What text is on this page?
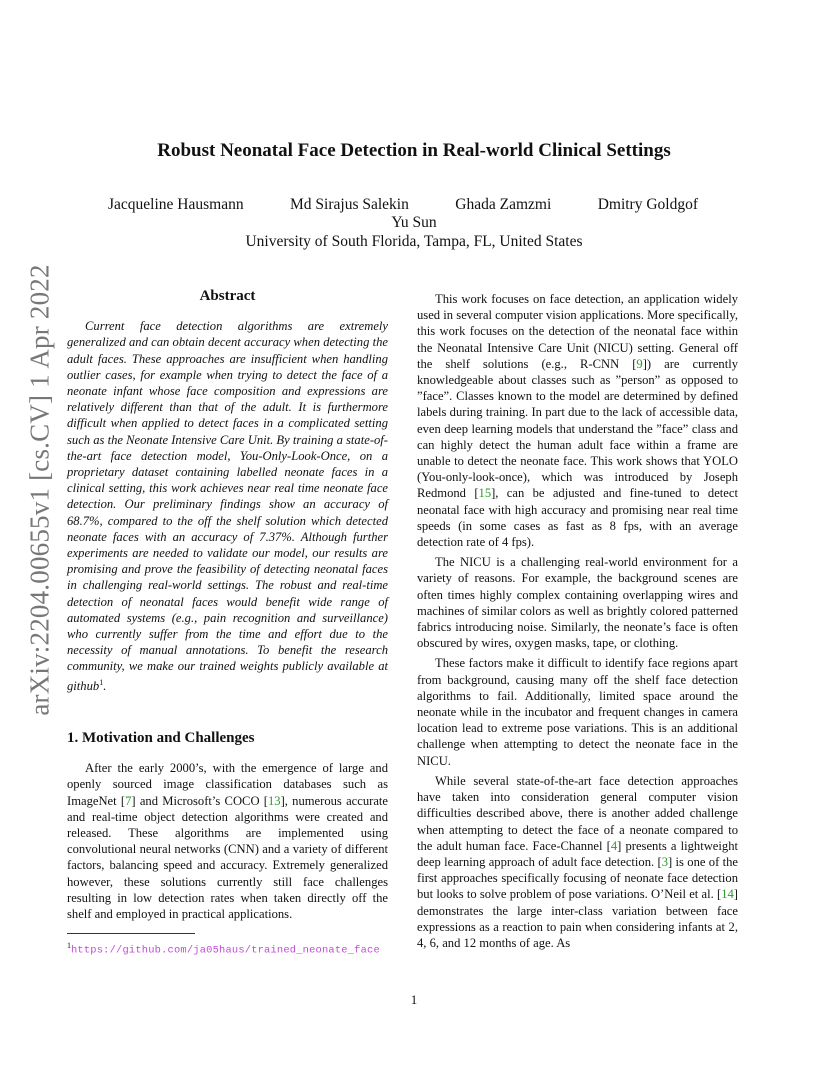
arXiv:2204.00655v1 [cs.CV] 1 Apr 2022
Robust Neonatal Face Detection in Real-world Clinical Settings
Jacqueline Hausmann	Md Sirajus Salekin	Ghada Zamzmi	Dmitry Goldgof
Yu Sun
University of South Florida, Tampa, FL, United States
Abstract

Current face detection algorithms are extremely generalized and can obtain decent accuracy when detecting the adult faces. These approaches are insufficient when handling outlier cases, for example when trying to detect the face of a neonate infant whose face composition and expressions are relatively different than that of the adult. It is furthermore difficult when applied to detect faces in a complicated setting such as the Neonate Intensive Care Unit. By training a state-of-the-art face detection model, You-Only-Look-Once, on a proprietary dataset containing labelled neonate faces in a clinical setting, this work achieves near real time neonate face detection. Our preliminary findings show an accuracy of 68.7%, compared to the off the shelf solution which detected neonate faces with an accuracy of 7.37%. Although further experiments are needed to validate our model, our results are promising and prove the feasibility of detecting neonatal faces in challenging real-world settings. The robust and real-time detection of neonatal faces would benefit wide range of automated systems (e.g., pain recognition and surveillance) who currently suffer from the time and effort due to the necessity of manual annotations. To benefit the research community, we make our trained weights publicly available at github$^1$.

1. Motivation and Challenges

After the early 2000’s, with the emergence of large and openly sourced image classification databases such as ImageNet [7] and Microsoft’s COCO [13], numerous accurate and real-time object detection algorithms were created and released. These algorithms are implemented using convolutional neural networks (CNN) and a variety of different factors, balancing speed and accuracy. Extremely generalized however, these solutions currently still face challenges resulting in low detection rates when taken directly off the shelf and employed in practical applications.

$^1$https://github.com/ja05haus/trained_neonate_face

This work focuses on face detection, an application widely used in several computer vision applications. More specifically, this work focuses on the detection of the neonatal face within the Neonatal Intensive Care Unit (NICU) setting. General off the shelf solutions (e.g., R-CNN [9]) are currently knowledgeable about classes such as ”person” as opposed to ”face”. Classes known to the model are determined by defined labels during training. In part due to the lack of accessible data, even deep learning models that understand the ”face” class and can highly detect the human adult face within a frame are unable to detect the neonate face. This work shows that YOLO (You-only-look-once), which was introduced by Joseph Redmond [15], can be adjusted and fine-tuned to detect neonatal face with high accuracy and promising near real time speeds (in some cases as fast as 8 fps, with an average detection rate of 4 fps).

The NICU is a challenging real-world environment for a variety of reasons. For example, the background scenes are often times highly complex containing overlapping wires and machines of similar colors as well as brightly colored patterned fabrics introducing noise. Similarly, the neonate’s face is often obscured by wires, oxygen masks, tape, or clothing.

These factors make it difficult to identify face regions apart from background, causing many off the shelf face detection algorithms to fail. Additionally, limited space around the neonate while in the incubator and frequent changes in camera location lead to extreme pose variations. This is an additional challenge when attempting to detect the neonate face in the NICU.

While several state-of-the-art face detection approaches have taken into consideration general computer vision difficulties described above, there is another added challenge when attempting to detect the face of a neonate compared to the adult human face. Face-Channel [4] presents a lightweight deep learning approach of adult face detection. [3] is one of the first approaches specifically focusing of neonate face detection but looks to solve problem of pose variations. O’Neil et al. [14] demonstrates the large inter-class variation between face expressions as a reaction to pain when considering infants at 2, 4, 6, and 12 months of age. As

1
